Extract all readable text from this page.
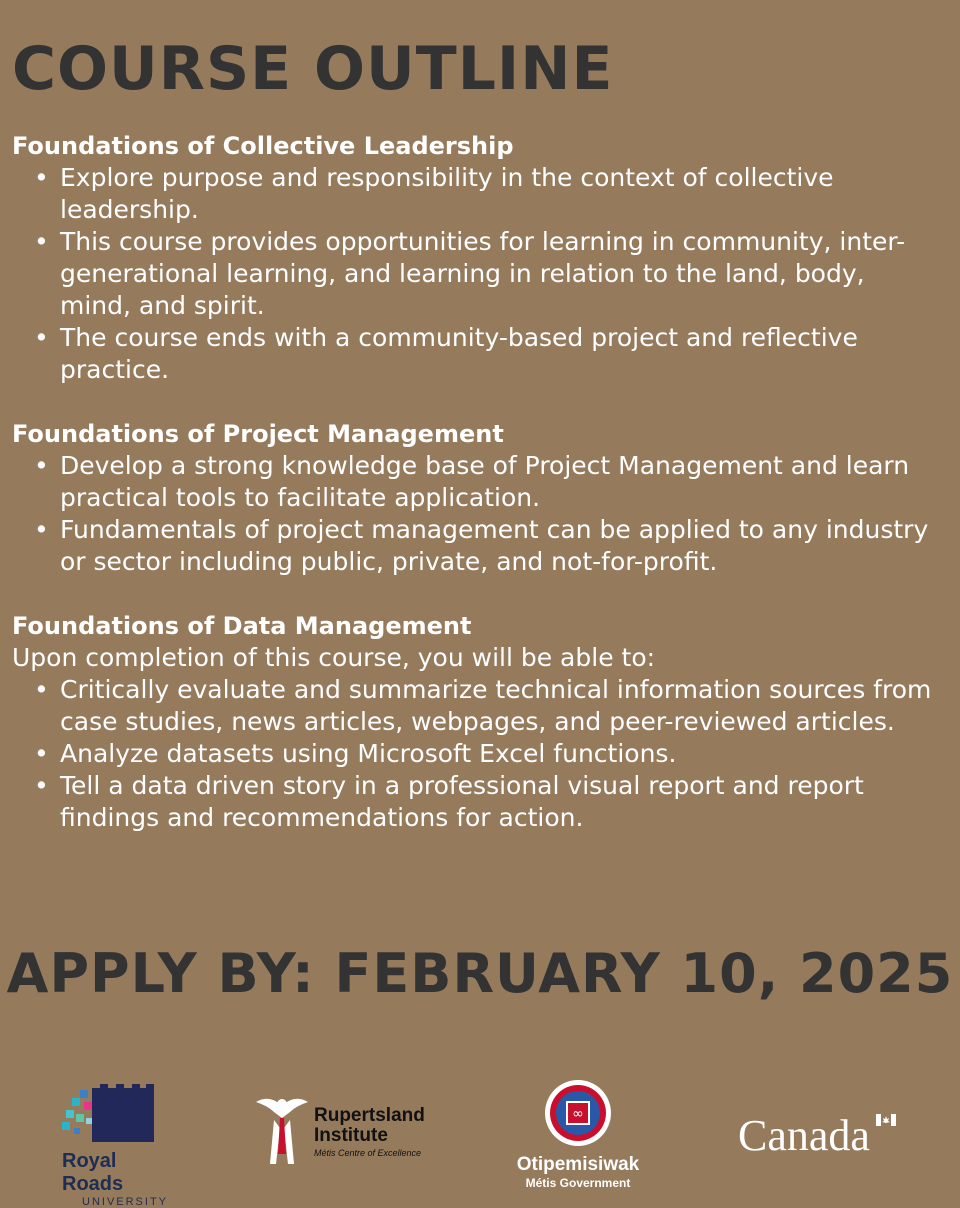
COURSE OUTLINE
Foundations of Collective Leadership
• Explore purpose and responsibility in the context of collective leadership.
• This course provides opportunities for learning in community, inter-generational learning, and learning in relation to the land, body, mind, and spirit.
• The course ends with a community-based project and reflective practice.
Foundations of Project Management
• Develop a strong knowledge base of Project Management and learn practical tools to facilitate application.
• Fundamentals of project management can be applied to any industry or sector including public, private, and not-for-profit.
Foundations of Data Management
Upon completion of this course, you will be able to:
• Critically evaluate and summarize technical information sources from case studies, news articles, webpages, and peer-reviewed articles.
• Analyze datasets using Microsoft Excel functions.
• Tell a data driven story in a professional visual report and report findings and recommendations for action.
APPLY BY: FEBRUARY 10, 2025
Royal Roads
UNIVERSITY
Rupertsland
Institute
Métis Centre of Excellence
∞
Otipemisiwak
Métis Government
Canada
